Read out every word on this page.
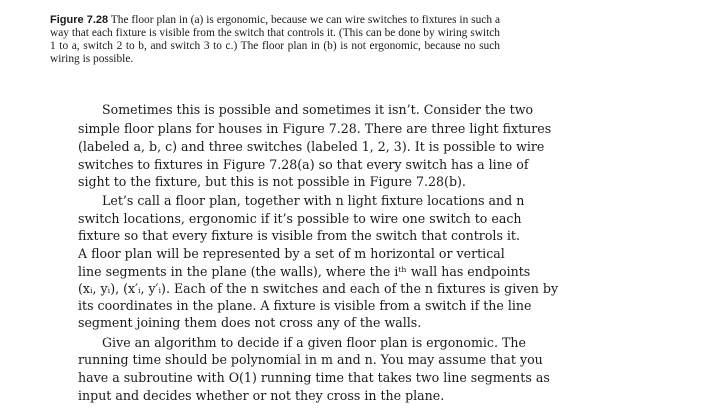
Figure 7.28 The floor plan in (a) is ergonomic, because we can wire switches to fixtures in such a way that each fixture is visible from the switch that controls it. (This can be done by wiring switch 1 to a, switch 2 to b, and switch 3 to c.) The floor plan in (b) is not ergonomic, because no such wiring is possible.
Sometimes this is possible and sometimes it isn’t. Consider the two
simple floor plans for houses in Figure 7.28. There are three light fixtures
(labeled a, b, c) and three switches (labeled 1, 2, 3). It is possible to wire
switches to fixtures in Figure 7.28(a) so that every switch has a line of
sight to the fixture, but this is not possible in Figure 7.28(b).
Let’s call a floor plan, together with n light fixture locations and n
switch locations, ergonomic if it’s possible to wire one switch to each
fixture so that every fixture is visible from the switch that controls it.
A floor plan will be represented by a set of m horizontal or vertical
line segments in the plane (the walls), where the iᵗʰ wall has endpoints
(xᵢ, yᵢ), (x′ᵢ, y′ᵢ). Each of the n switches and each of the n fixtures is given by
its coordinates in the plane. A fixture is visible from a switch if the line
segment joining them does not cross any of the walls.
Give an algorithm to decide if a given floor plan is ergonomic. The
running time should be polynomial in m and n. You may assume that you
have a subroutine with O(1) running time that takes two line segments as
input and decides whether or not they cross in the plane.
